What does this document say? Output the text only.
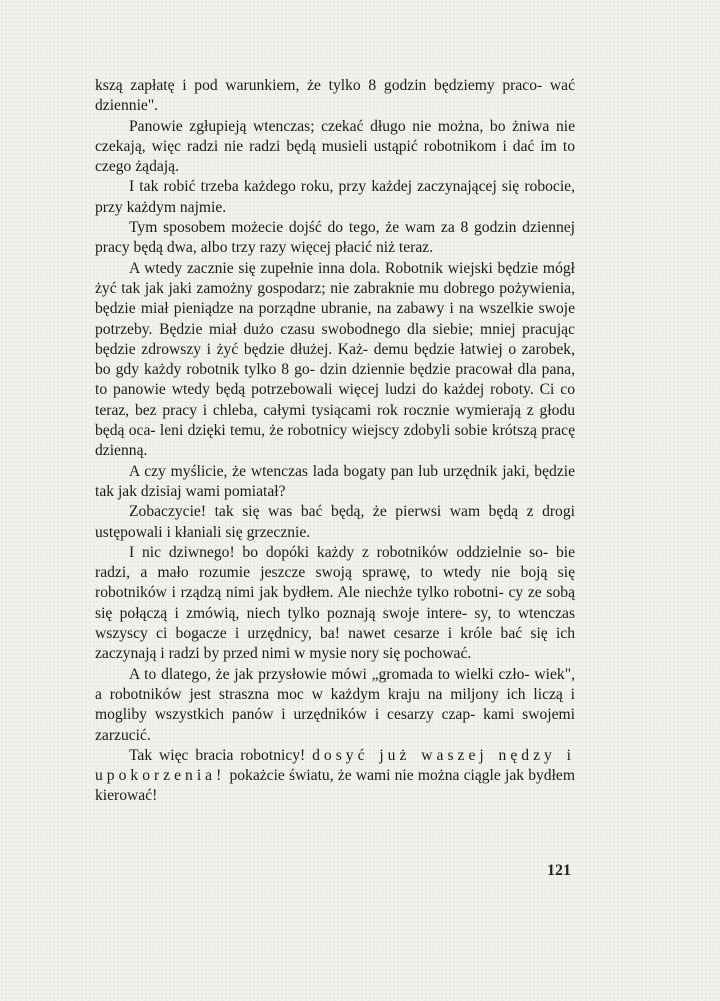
kszą zapłatę i pod warunkiem, że tylko 8 godzin będziemy praco- wać dziennie".

Panowie zgłupieją wtenczas; czekać długo nie można, bo żniwa nie czekają, więc radzi nie radzi będą musieli ustąpić robotnikom i dać im to czego żądają.

I tak robić trzeba każdego roku, przy każdej zaczynającej się robocie, przy każdym najmie.

Tym sposobem możecie dojść do tego, że wam za 8 godzin dziennej pracy będą dwa, albo trzy razy więcej płacić niż teraz.

A wtedy zacznie się zupełnie inna dola. Robotnik wiejski będzie mógł żyć tak jak jaki zamożny gospodarz; nie zabraknie mu dobrego pożywienia, będzie miał pieniądze na porządne ubranie, na zabawy i na wszelkie swoje potrzeby. Będzie miał dużo czasu swobodnego dla siebie; mniej pracując będzie zdrowszy i żyć będzie dłużej. Każ- demu będzie łatwiej o zarobek, bo gdy każdy robotnik tylko 8 go- dzin dziennie będzie pracował dla pana, to panowie wtedy będą potrzebowali więcej ludzi do każdej roboty. Ci co teraz, bez pracy i chleba, całymi tysiącami rok rocznie wymierają z głodu będą oca- leni dzięki temu, że robotnicy wiejscy zdobyli sobie krótszą pracę dzienną.

A czy myślicie, że wtenczas lada bogaty pan lub urzędnik jaki, będzie tak jak dzisiaj wami pomiatał?

Zobaczycie! tak się was bać będą, że pierwsi wam będą z drogi ustępowali i kłaniali się grzecznie.

I nic dziwnego! bo dopóki każdy z robotników oddzielnie so- bie radzi, a mało rozumie jeszcze swoją sprawę, to wtedy nie boją się robotników i rządzą nimi jak bydłem. Ale niechże tylko robotni- cy ze sobą się połączą i zmówią, niech tylko poznają swoje intere- sy, to wtenczas wszyscy ci bogacze i urzędnicy, ba! nawet cesarze i króle bać się ich zaczynają i radzi by przed nimi w mysie nory się pochować.

A to dlatego, że jak przysłowie mówi „gromada to wielki czło- wiek", a robotników jest straszna moc w każdym kraju na miljony ich liczą i mogliby wszystkich panów i urzędników i cesarzy czap- kami swojemi zarzucić.

Tak więc bracia robotnicy! dosyć już waszej nędzy i upokorzenia! pokażcie światu, że wami nie można ciągle jak bydłem kierować!

121
